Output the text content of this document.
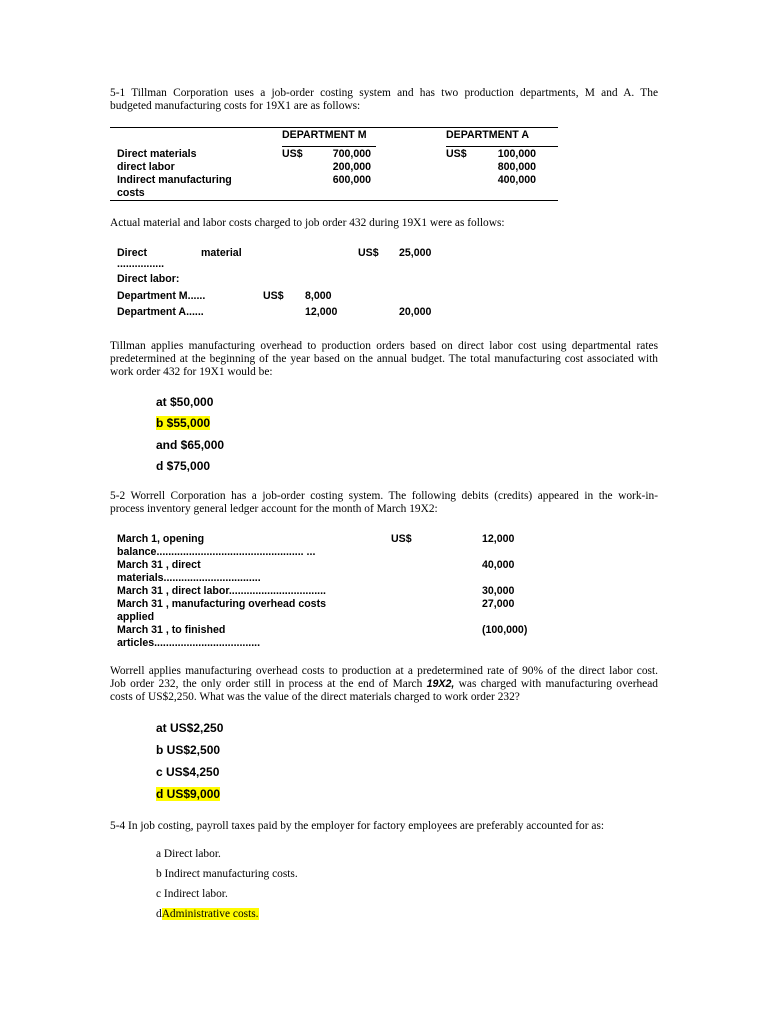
5-1 Tillman Corporation uses a job-order costing system and has two production departments, M and A. The
budgeted manufacturing costs for 19X1 are as follows:
DEPARTMENT M	DEPARTMENT A
Direct materials	US$	700,000	US$	100,000
direct labor	200,000	800,000
Indirect manufacturing	600,000	400,000
costs
Actual material and labor costs charged to job order 432 during 19X1 were as follows:
Direct	material	US$ 25,000
................
Direct labor:
Department M......	US$ 8,000
Department A......	12,000	20,000
Tillman applies manufacturing overhead to production orders based on direct labor cost using departmental rates
predetermined at the beginning of the year based on the annual budget. The total manufacturing cost associated with
work order 432 for 19X1 would be:
at $50,000
b $55,000
and $65,000
d $75,000
5-2 Worrell Corporation has a job-order costing system. The following debits (credits) appeared in the work-in-
process inventory general ledger account for the month of March 19X2:
March 1, opening	US$	12,000
balance.................................................. ...
March 31 , direct	40,000
materials.................................
March 31 , direct labor.................................	30,000
March 31 , manufacturing overhead costs	27,000
applied
March 31 , to finished	(100,000)
articles....................................
Worrell applies manufacturing overhead costs to production at a predetermined rate of 90% of the direct labor cost.
Job order 232, the only order still in process at the end of March 19X2, was charged with manufacturing overhead
costs of US$2,250. What was the value of the direct materials charged to work order 232?
at US$2,250
b US$2,500
c US$4,250
d US$9,000
5-4 In job costing, payroll taxes paid by the employer for factory employees are preferably accounted for as:
a Direct labor.
b Indirect manufacturing costs.
c Indirect labor.
dAdministrative costs.
